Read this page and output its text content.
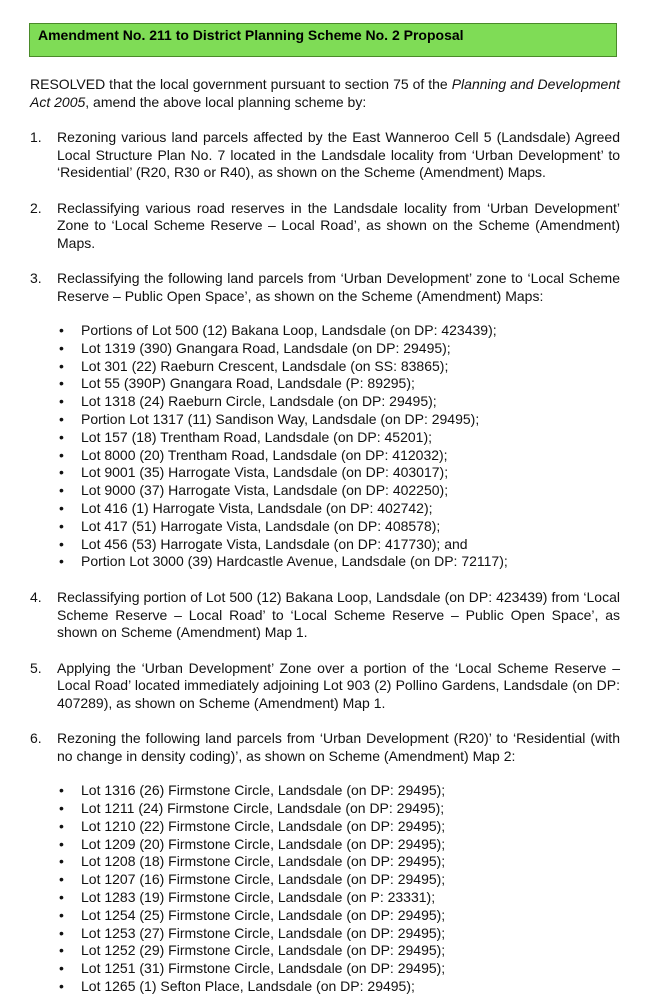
Amendment No. 211 to District Planning Scheme No. 2 Proposal

RESOLVED that the local government pursuant to section 75 of the Planning and Development Act 2005, amend the above local planning scheme by:

1. Rezoning various land parcels affected by the East Wanneroo Cell 5 (Landsdale) Agreed Local Structure Plan No. 7 located in the Landsdale locality from ‘Urban Development’ to ‘Residential’ (R20, R30 or R40), as shown on the Scheme (Amendment) Maps.
2. Reclassifying various road reserves in the Landsdale locality from ‘Urban Development’ Zone to ‘Local Scheme Reserve – Local Road’, as shown on the Scheme (Amendment) Maps.
3. Reclassifying the following land parcels from ‘Urban Development’ zone to ‘Local Scheme Reserve – Public Open Space’, as shown on the Scheme (Amendment) Maps:
• Portions of Lot 500 (12) Bakana Loop, Landsdale (on DP: 423439);
• Lot 1319 (390) Gnangara Road, Landsdale (on DP: 29495);
• Lot 301 (22) Raeburn Crescent, Landsdale (on SS: 83865);
• Lot 55 (390P) Gnangara Road, Landsdale (P: 89295);
• Lot 1318 (24) Raeburn Circle, Landsdale (on DP: 29495);
• Portion Lot 1317 (11) Sandison Way, Landsdale (on DP: 29495);
• Lot 157 (18) Trentham Road, Landsdale (on DP: 45201);
• Lot 8000 (20) Trentham Road, Landsdale (on DP: 412032);
• Lot 9001 (35) Harrogate Vista, Landsdale (on DP: 403017);
• Lot 9000 (37) Harrogate Vista, Landsdale (on DP: 402250);
• Lot 416 (1) Harrogate Vista, Landsdale (on DP: 402742);
• Lot 417 (51) Harrogate Vista, Landsdale (on DP: 408578);
• Lot 456 (53) Harrogate Vista, Landsdale (on DP: 417730); and
• Portion Lot 3000 (39) Hardcastle Avenue, Landsdale (on DP: 72117);
4. Reclassifying portion of Lot 500 (12) Bakana Loop, Landsdale (on DP: 423439) from ‘Local Scheme Reserve – Local Road’ to ‘Local Scheme Reserve – Public Open Space’, as shown on Scheme (Amendment) Map 1.
5. Applying the ‘Urban Development’ Zone over a portion of the ‘Local Scheme Reserve – Local Road’ located immediately adjoining Lot 903 (2) Pollino Gardens, Landsdale (on DP: 407289), as shown on Scheme (Amendment) Map 1.
6. Rezoning the following land parcels from ‘Urban Development (R20)’ to ‘Residential (with no change in density coding)’, as shown on Scheme (Amendment) Map 2:
• Lot 1316 (26) Firmstone Circle, Landsdale (on DP: 29495);
• Lot 1211 (24) Firmstone Circle, Landsdale (on DP: 29495);
• Lot 1210 (22) Firmstone Circle, Landsdale (on DP: 29495);
• Lot 1209 (20) Firmstone Circle, Landsdale (on DP: 29495);
• Lot 1208 (18) Firmstone Circle, Landsdale (on DP: 29495);
• Lot 1207 (16) Firmstone Circle, Landsdale (on DP: 29495);
• Lot 1283 (19) Firmstone Circle, Landsdale (on P: 23331);
• Lot 1254 (25) Firmstone Circle, Landsdale (on DP: 29495);
• Lot 1253 (27) Firmstone Circle, Landsdale (on DP: 29495);
• Lot 1252 (29) Firmstone Circle, Landsdale (on DP: 29495);
• Lot 1251 (31) Firmstone Circle, Landsdale (on DP: 29495);
• Lot 1265 (1) Sefton Place, Landsdale (on DP: 29495);
